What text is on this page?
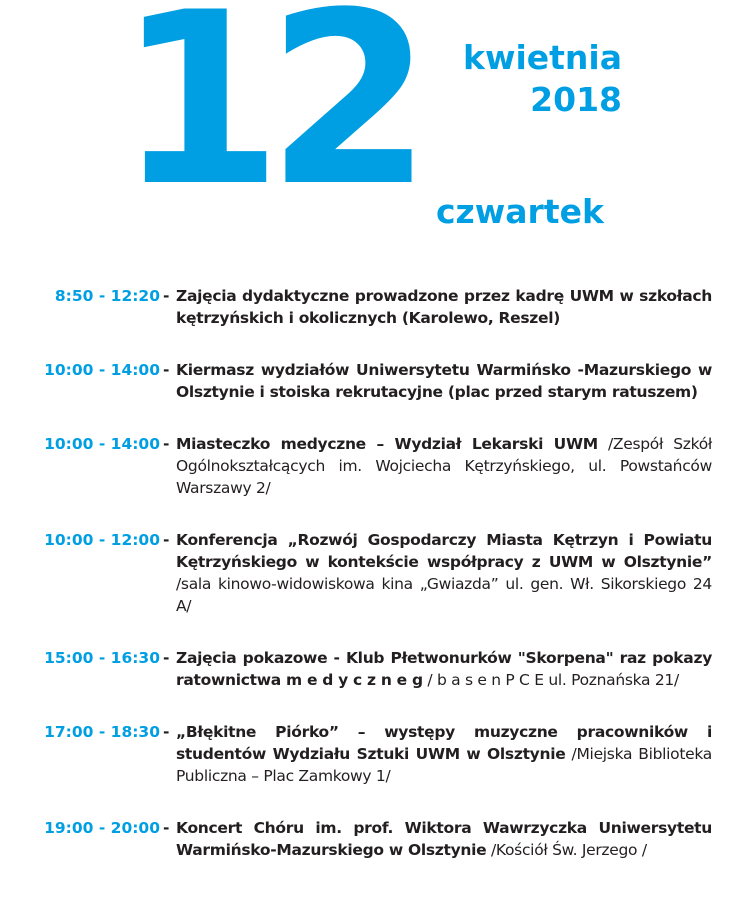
12 kwietnia
2018
czwartek
8:50 - 12:20 - Zajęcia dydaktyczne prowadzone przez kadrę UWM w szkołach kętrzyńskich i okolicznych (Karolewo, Reszel)
10:00 - 14:00 - Kiermasz wydziałów Uniwersytetu Warmińsko -Mazurskiego w Olsztynie i stoiska rekrutacyjne (plac przed starym ratuszem)
10:00 - 14:00 - Miasteczko medyczne – Wydział Lekarski UWM /Zespół Szkół Ogólnokształcących im. Wojciecha Kętrzyńskiego, ul. Powstańców Warszawy 2/
10:00 - 12:00 - Konferencja „Rozwój Gospodarczy Miasta Kętrzyn i Powiatu Kętrzyńskiego w kontekście współpracy z UWM w Olsztynie” /sala kinowo-widowiskowa kina „Gwiazda” ul. gen. Wł. Sikorskiego 24 A/
15:00 - 16:30 - Zajęcia pokazowe - Klub Płetwonurków "Skorpena" raz pokazy ratownictwa m e d y c z n e g / b a s e n P C E ul. Poznańska 21/
17:00 - 18:30 - „Błękitne Piórko” – występy muzyczne pracowników i studentów Wydziału Sztuki UWM w Olsztynie /Miejska Biblioteka Publiczna – Plac Zamkowy 1/
19:00 - 20:00 - Koncert Chóru im. prof. Wiktora Wawrzyczka Uniwersytetu Warmińsko-Mazurskiego w Olsztynie /Kościół Św. Jerzego /
